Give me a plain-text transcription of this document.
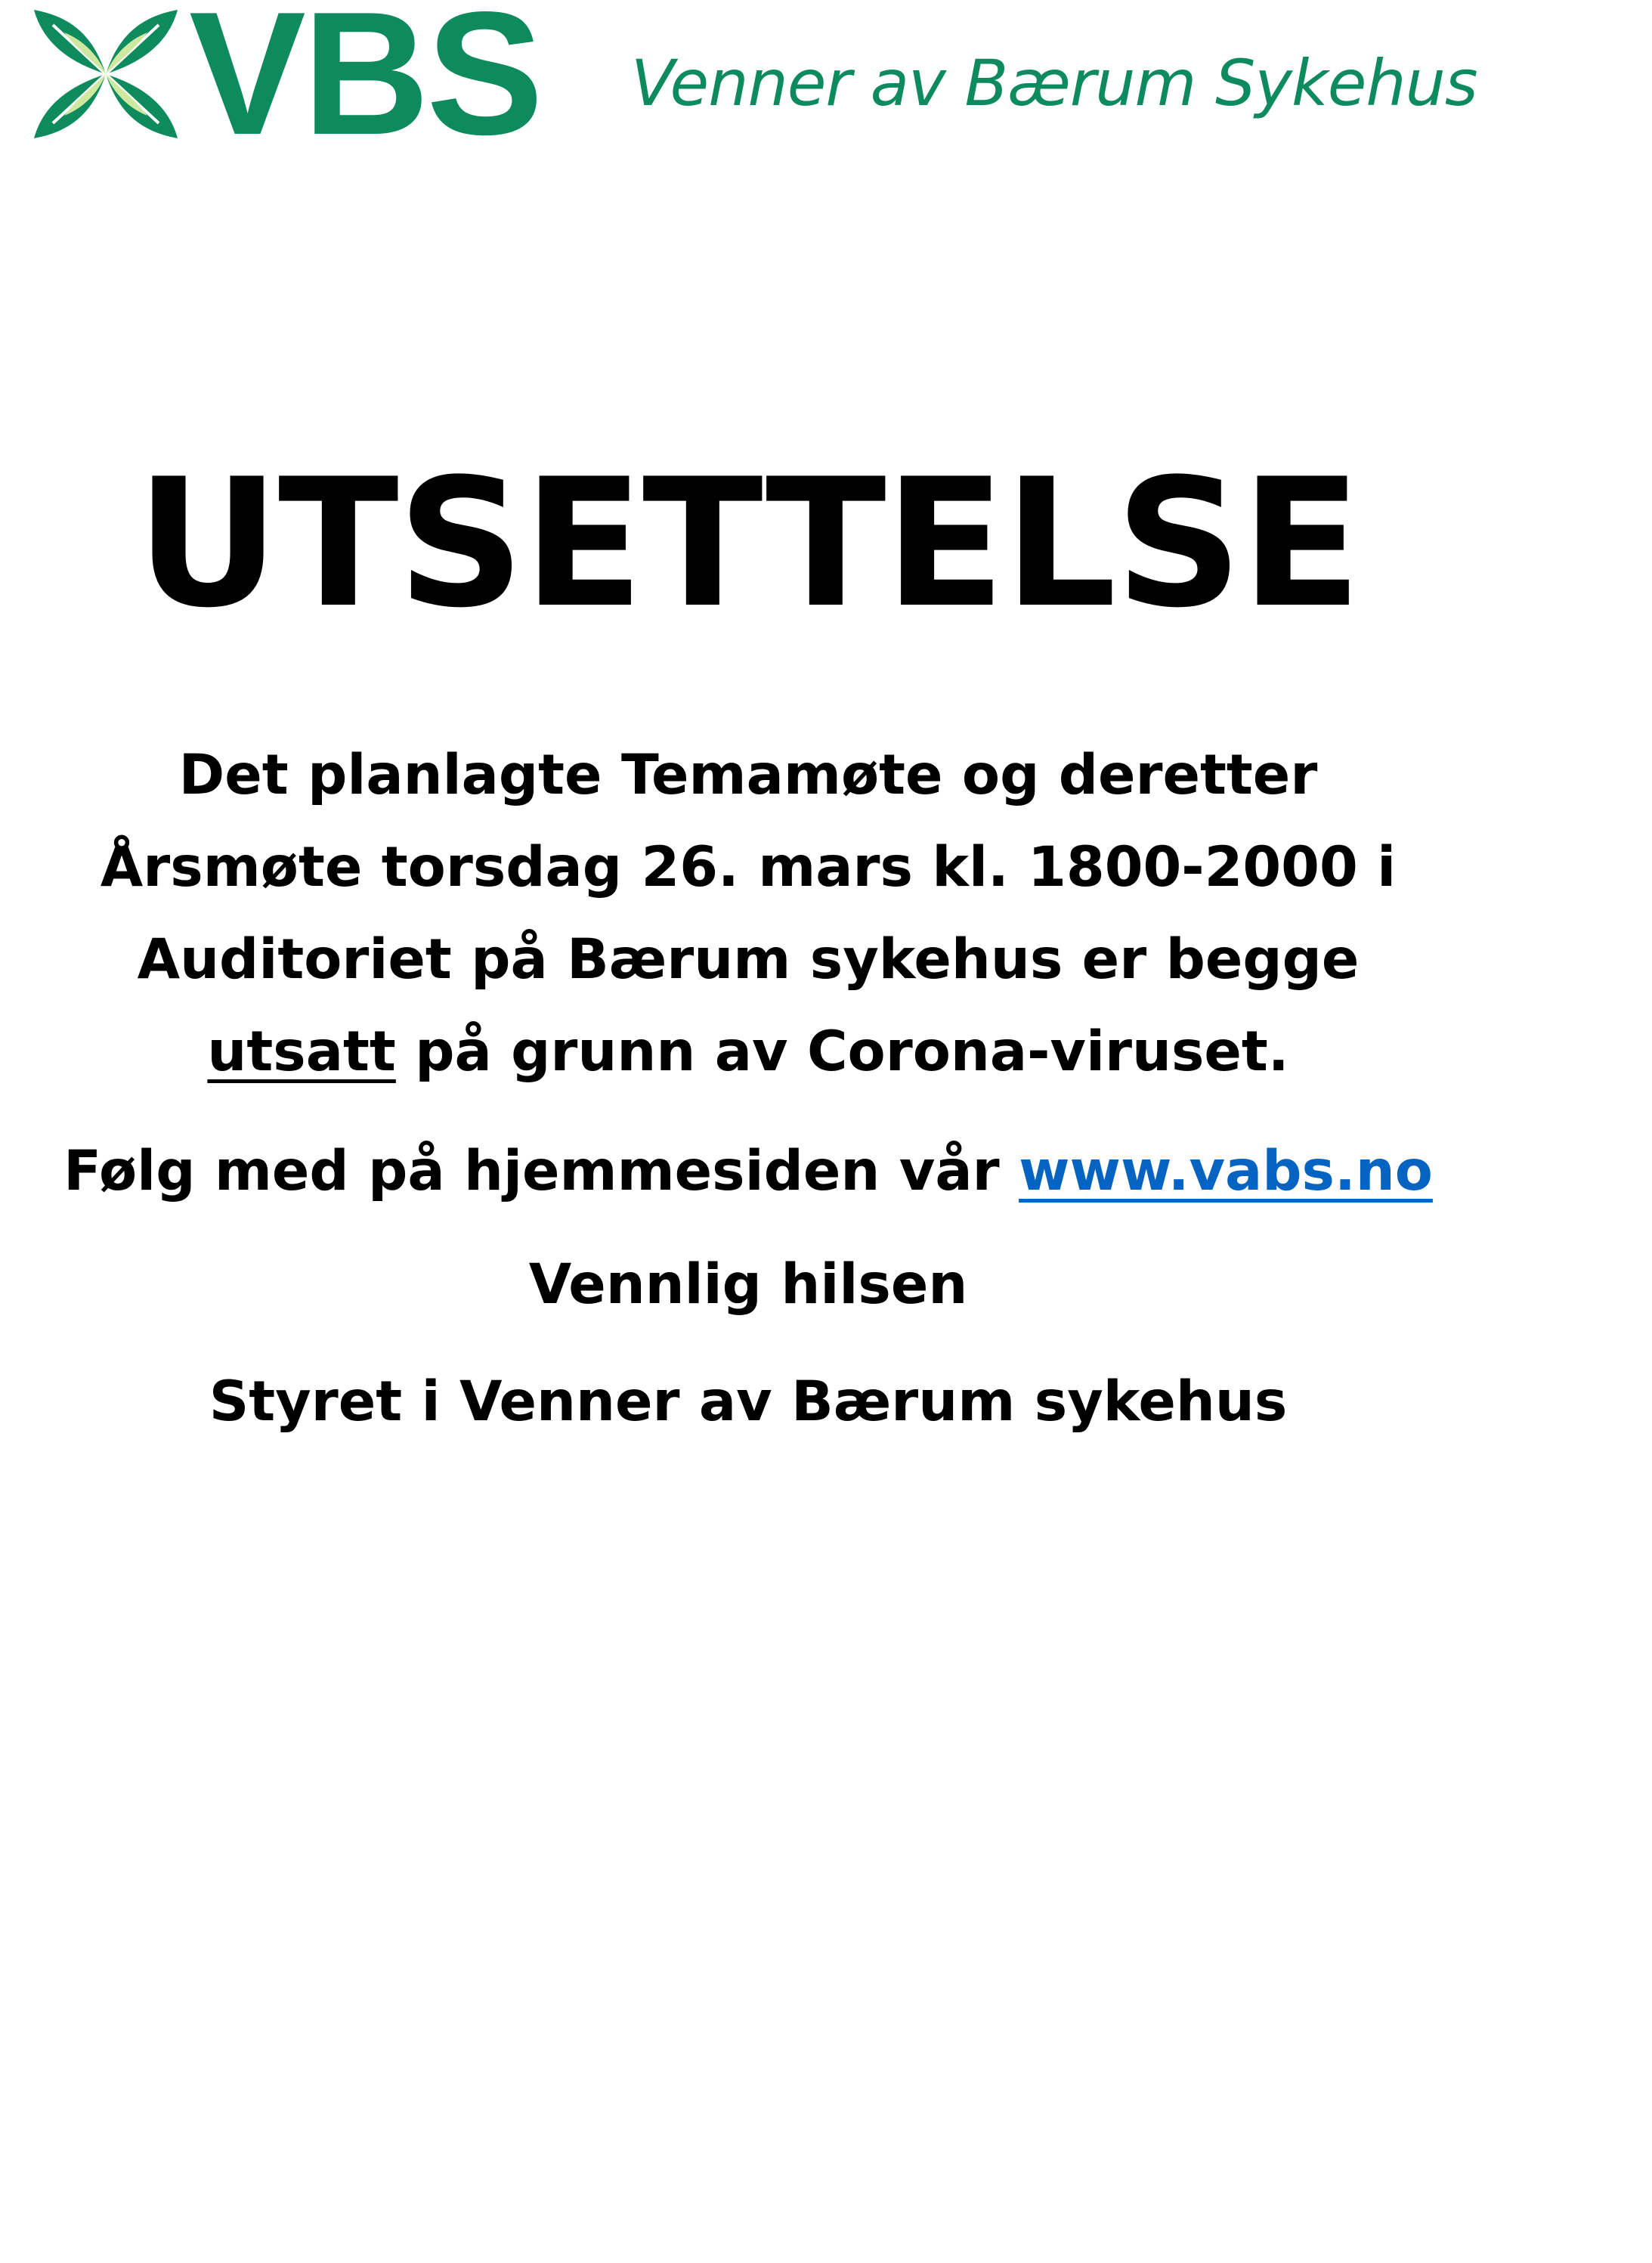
VBS Venner av Bærum Sykehus
UTSETTELSE

Det planlagte Temamøte og deretter Årsmøte torsdag 26. mars kl. 1800-2000 i Auditoriet på Bærum sykehus er begge utsatt på grunn av Corona-viruset.

Følg med på hjemmesiden vår www.vabs.no
Vennlig hilsen
Styret i Venner av Bærum sykehus
